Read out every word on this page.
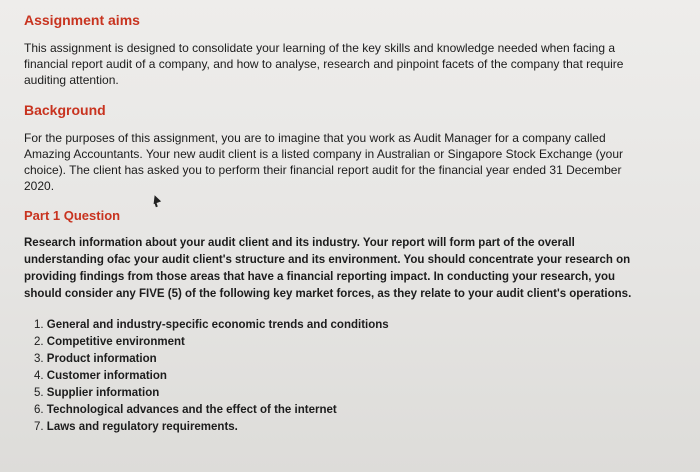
Assignment aims

This assignment is designed to consolidate your learning of the key skills and knowledge needed when facing a financial report audit of a company, and how to analyse, research and pinpoint facets of the company that require auditing attention.

Background

For the purposes of this assignment, you are to imagine that you work as Audit Manager for a company called Amazing Accountants. Your new audit client is a listed company in Australian or Singapore Stock Exchange (your choice). The client has asked you to perform their financial report audit for the financial year ended 31 December 2020.

Part 1 Question

Research information about your audit client and its industry. Your report will form part of the overall understanding ofac your audit client's structure and its environment. You should concentrate your research on providing findings from those areas that have a financial reporting impact. In conducting your research, you should consider any FIVE (5) of the following key market forces, as they relate to your audit client's operations.

1. General and industry-specific economic trends and conditions
2. Competitive environment
3. Product information
4. Customer information
5. Supplier information
6. Technological advances and the effect of the internet
7. Laws and regulatory requirements.
